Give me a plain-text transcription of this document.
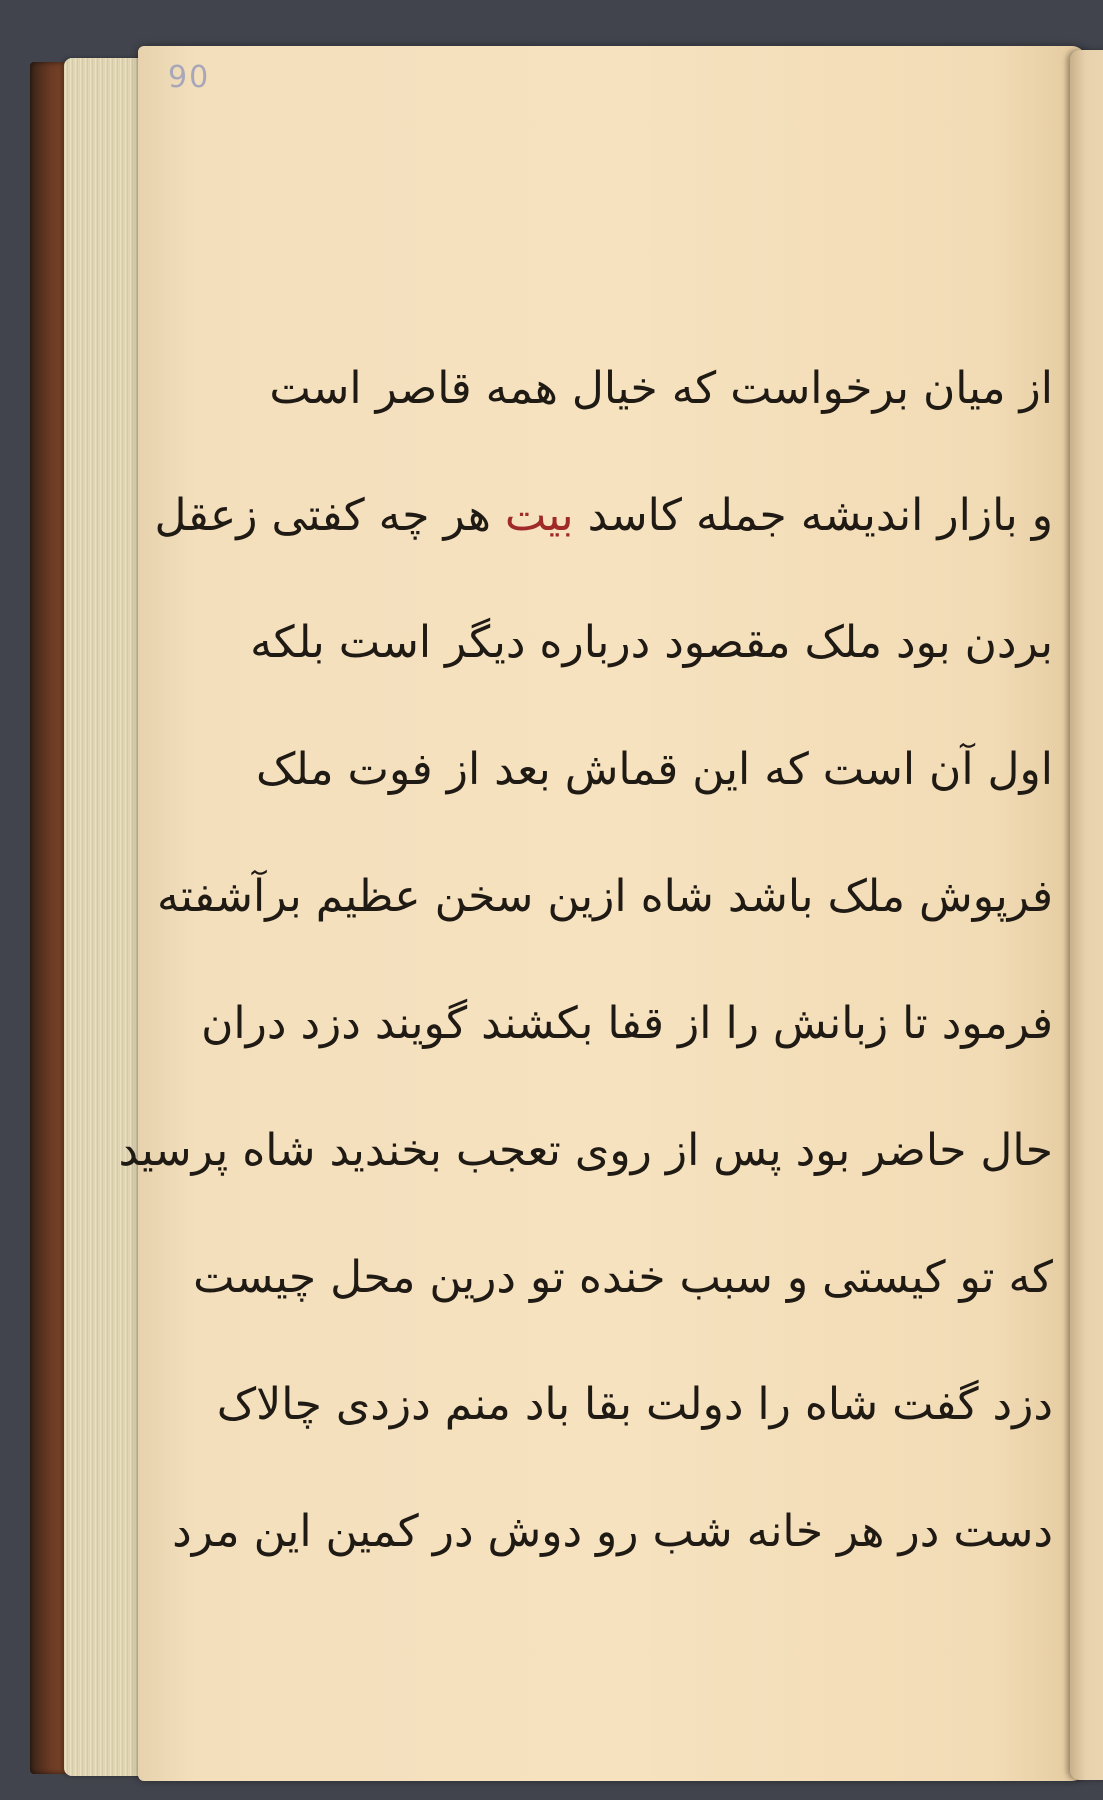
90
از میان برخواست که خیال همه قاصر است
و بازار اندیشه جمله کاسد بیت هر چه کفتی زعقل
بردن بود ملک مقصود درباره دیگر است بلکه
اول آن است که این قماش بعد از فوت ملک
فرپوش ملک باشد شاه ازین سخن عظیم برآشفته
فرمود تا زبانش را از قفا بکشند گویند دزد دران
حال حاضر بود پس از روی تعجب بخندید شاه پرسید
که تو کیستی و سبب خنده تو درین محل چیست
دزد گفت شاه را دولت بقا باد منم دزدی چالاک
دست در هر خانه شب رو دوش در کمین این مرد
